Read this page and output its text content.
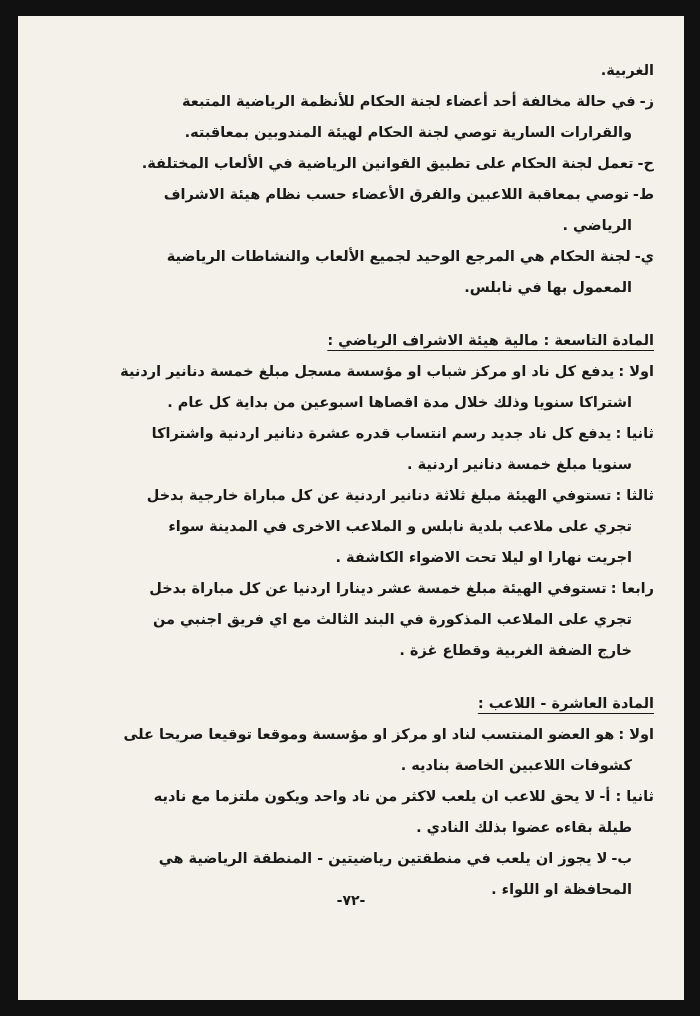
الغربية.

ز-في حالة مخالفة أحد أعضاء لجنة الحكام للأنظمة الرياضية المتبعة

والقرارات السارية توصي لجنة الحكام لهيئة المندوبين بمعاقبته.

ح-تعمل لجنة الحكام على تطبيق القوانين الرياضية في الألعاب المختلفة.

ط-توصي بمعاقبة اللاعبين والفرق الأعضاء حسب نظام هيئة الاشراف

الرياضي .

ي-لجنة الحكام هي المرجع الوحيد لجميع الألعاب والنشاطات الرياضية

المعمول بها في نابلس.

المادة التاسعة : مالية هيئة الاشراف الرياضي :

اولا :يدفع كل ناد او مركز شباب او مؤسسة مسجل مبلغ خمسة دنانير اردنية

اشتراكا سنويا وذلك خلال مدة اقصاها اسبوعين من بداية كل عام .

ثانيا :يدفع كل ناد جديد رسم انتساب قدره عشرة دنانير اردنية واشتراكا

سنويا مبلغ خمسة دنانير اردنية .

ثالثا :تستوفي الهيئة مبلغ ثلاثة دنانير اردنية عن كل مباراة خارجية بدخل

تجري على ملاعب بلدية نابلس و الملاعب الاخرى في المدينة سواء

اجريت نهارا او ليلا تحت الاضواء الكاشفة .

رابعا :تستوفي الهيئة مبلغ خمسة عشر دينارا اردنيا عن كل مباراة بدخل

تجري على الملاعب المذكورة في البند الثالث مع اي فريق اجنبي من

خارج الضفة الغربية وقطاع غزة .

المادة العاشرة - اللاعب :

اولا :هو العضو المنتسب لناد او مركز او مؤسسة وموقعا توقيعا صريحا على

كشوفات اللاعبين الخاصة بناديه .

ثانيا : أ-لا يحق للاعب ان يلعب لاكثر من ناد واحد ويكون ملتزما مع ناديه

طيلة بقاءه عضوا بذلك النادي .

ب-لا يجوز ان يلعب في منطقتين رياضيتين - المنطقة الرياضية هي

المحافظة او اللواء .

-٧٢-
